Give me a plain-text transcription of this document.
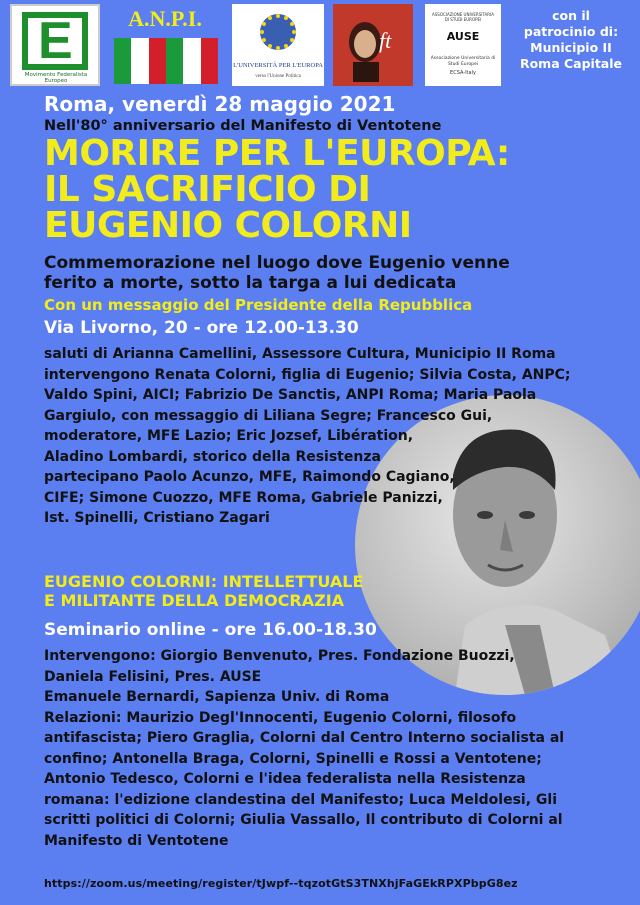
E
Movimento Federalista Europeo
A.N.P.I.
L'UNIVERSITÀ PER L'EUROPA
verso l'Unione Politica
ft
ASSOCIAZIONE UNIVERSITARIA DI STUDI EUROPEI
AUSE
Associazione Universitaria di Studi Europei
ECSA-Italy
con il
patrocinio di:
Municipio II
Roma Capitale
Roma, venerdì 28 maggio 2021
Nell'80° anniversario del Manifesto di Ventotene
MORIRE PER L'EUROPA:
IL SACRIFICIO DI
EUGENIO COLORNI
Commemorazione nel luogo dove Eugenio venne
ferito a morte, sotto la targa a lui dedicata
Con un messaggio del Presidente della Repubblica
Via Livorno, 20 - ore 12.00-13.30
saluti di Arianna Camellini, Assessore Cultura, Municipio II Roma
intervengono Renata Colorni, figlia di Eugenio; Silvia Costa, ANPC;
Valdo Spini, AICI; Fabrizio De Sanctis, ANPI Roma; Maria Paola
Gargiulo, con messaggio di Liliana Segre; Francesco Gui,
moderatore, MFE Lazio; Eric Jozsef, Libération,
Aladino Lombardi, storico della Resistenza
partecipano Paolo Acunzo, MFE, Raimondo Cagiano,
CIFE; Simone Cuozzo, MFE Roma, Gabriele Panizzi,
Ist. Spinelli, Cristiano Zagari
EUGENIO COLORNI: INTELLETTUALE
E MILITANTE DELLA DEMOCRAZIA
Seminario online - ore 16.00-18.30
Intervengono: Giorgio Benvenuto, Pres. Fondazione Buozzi,
Daniela Felisini, Pres. AUSE
Emanuele Bernardi, Sapienza Univ. di Roma
Relazioni: Maurizio Degl'Innocenti, Eugenio Colorni, filosofo
antifascista; Piero Graglia, Colorni dal Centro Interno socialista al
confino; Antonella Braga, Colorni, Spinelli e Rossi a Ventotene;
Antonio Tedesco, Colorni e l'idea federalista nella Resistenza
romana: l'edizione clandestina del Manifesto; Luca Meldolesi, Gli
scritti politici di Colorni; Giulia Vassallo, Il contributo di Colorni al
Manifesto di Ventotene
https://zoom.us/meeting/register/tJwpf--tqzotGtS3TNXhjFaGEkRPXPbpG8ez
